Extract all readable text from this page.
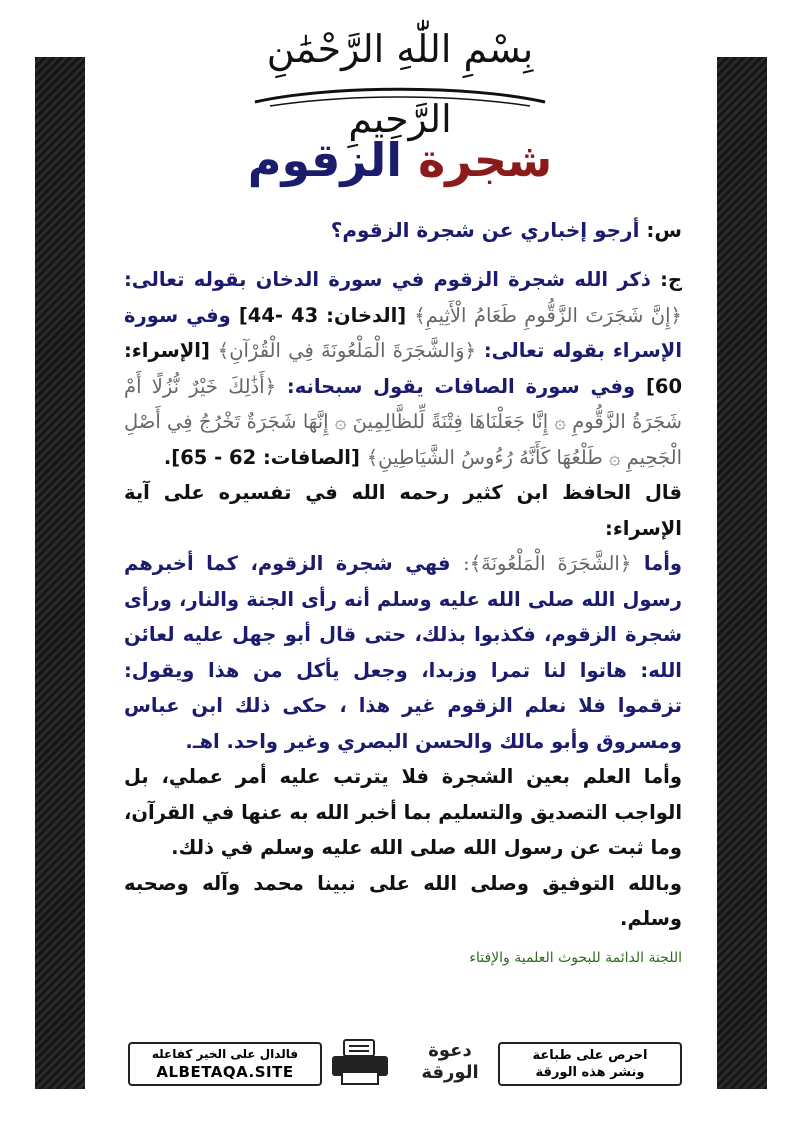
بِسْمِ اللّٰهِ الرَّحْمَٰنِ الرَّحِيمِ
شجرة الزقوم

س: أرجو إخباري عن شجرة الزقوم؟

ج: ذكر الله شجرة الزقوم في سورة الدخان بقوله تعالى: ﴿إِنَّ شَجَرَتَ الزَّقُّومِ طَعَامُ الْأَثِيمِ﴾ [الدخان: 43 -44] وفي سورة الإسراء بقوله تعالى: ﴿وَالشَّجَرَةَ الْمَلْعُونَةَ فِي الْقُرْآنِ﴾ [الإسراء: 60] وفي سورة الصافات يقول سبحانه: ﴿أَذَٰلِكَ خَيْرٌ نُّزُلًا أَمْ شَجَرَةُ الزَّقُّومِ ۞ إِنَّا جَعَلْنَاهَا فِتْنَةً لِّلظَّالِمِينَ ۞ إِنَّهَا شَجَرَةٌ تَخْرُجُ فِي أَصْلِ الْجَحِيمِ ۞ طَلْعُهَا كَأَنَّهُ رُءُوسُ الشَّيَاطِينِ﴾ [الصافات: 62 - 65].

قال الحافظ ابن كثير رحمه الله في تفسيره على آية الإسراء:

وأما ﴿الشَّجَرَةَ الْمَلْعُونَةَ﴾: فهي شجرة الزقوم، كما أخبرهم رسول الله صلى الله عليه وسلم أنه رأى الجنة والنار، ورأى شجرة الزقوم، فكذبوا بذلك، حتى قال أبو جهل عليه لعائن الله: هاتوا لنا تمرا وزبدا، وجعل يأكل من هذا ويقول: تزقموا فلا نعلم الزقوم غير هذا ، حكى ذلك ابن عباس ومسروق وأبو مالك والحسن البصري وغير واحد. اهـ.

وأما العلم بعين الشجرة فلا يترتب عليه أمر عملي، بل الواجب التصديق والتسليم بما أخبر الله به عنها في القرآن، وما ثبت عن رسول الله صلى الله عليه وسلم في ذلك.

وبالله التوفيق وصلى الله على نبينا محمد وآله وصحبه وسلم.

اللجنة الدائمة للبحوث العلمية والإفتاء
فالدال على الخير كفاعله
ALBETAQA.SITE
دعوة
الورقة
احرص على طباعة
ونشر هذه الورقة
